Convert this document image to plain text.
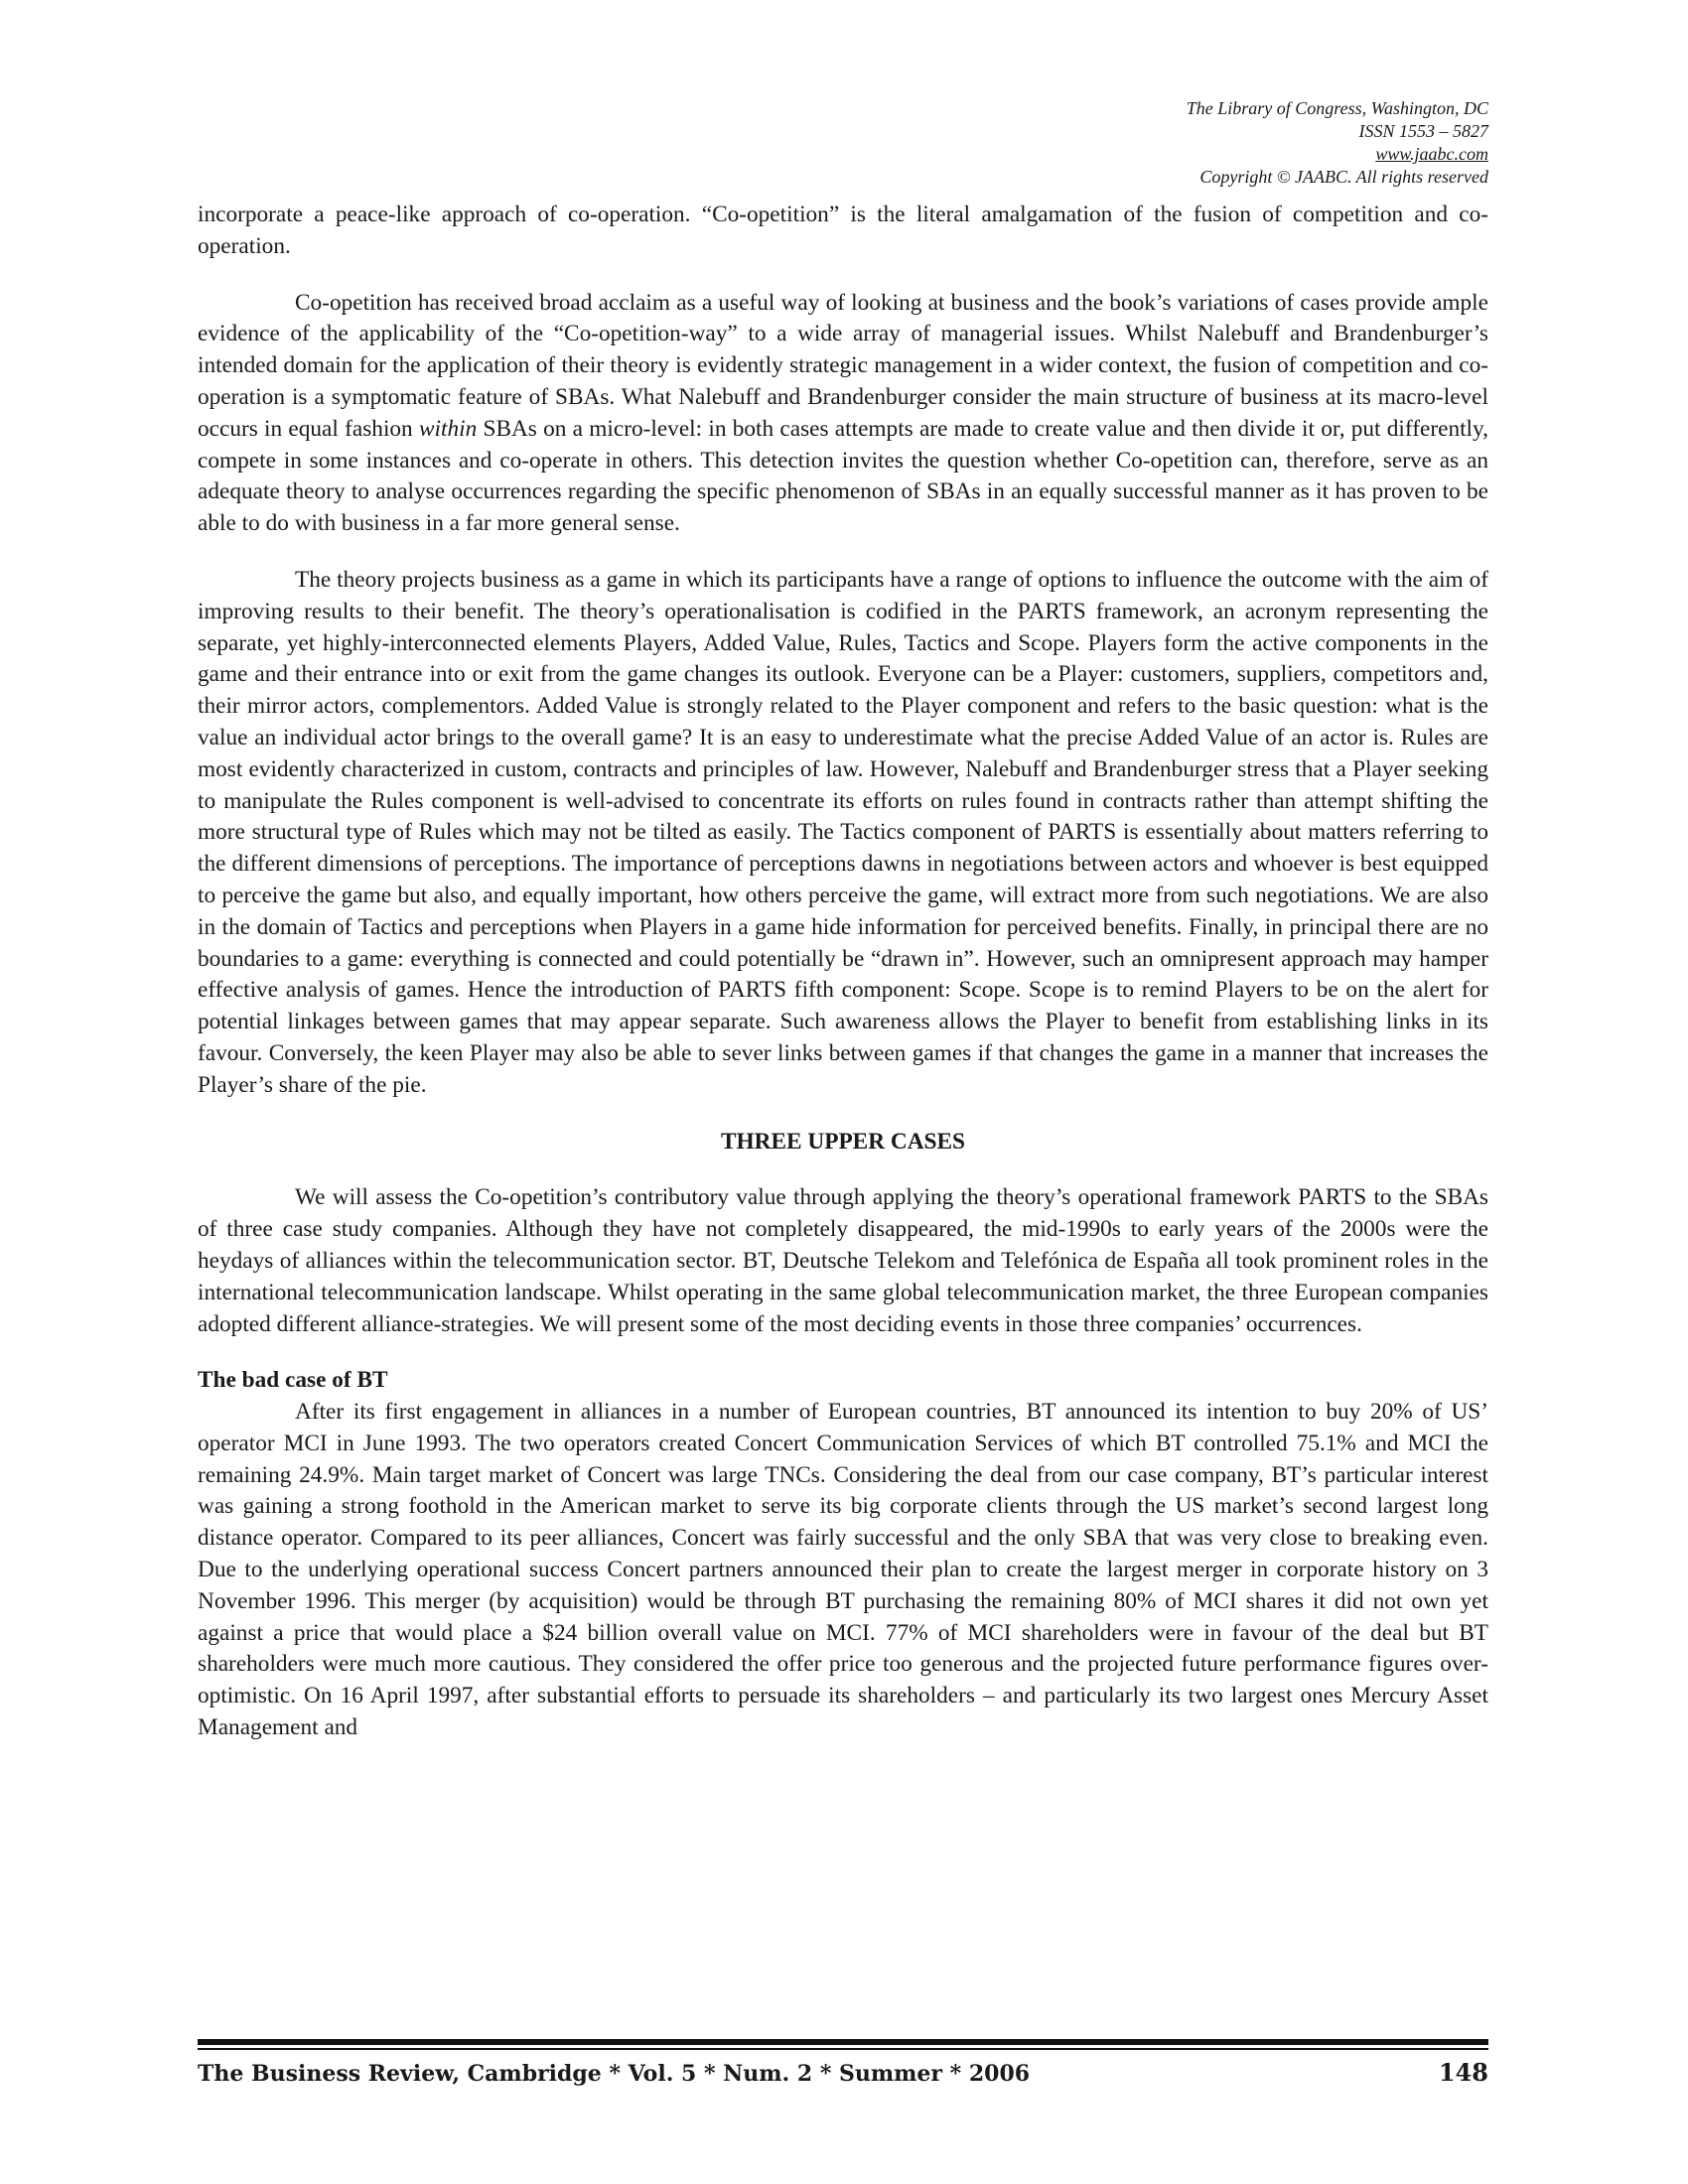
The Library of Congress, Washington, DC
ISSN 1553 – 5827
www.jaabc.com
Copyright © JAABC. All rights reserved

incorporate a peace-like approach of co-operation. “Co-opetition” is the literal amalgamation of the fusion of competition and co-operation.

Co-opetition has received broad acclaim as a useful way of looking at business and the book’s variations of cases provide ample evidence of the applicability of the “Co-opetition-way” to a wide array of managerial issues. Whilst Nalebuff and Brandenburger’s intended domain for the application of their theory is evidently strategic management in a wider context, the fusion of competition and co-operation is a symptomatic feature of SBAs. What Nalebuff and Brandenburger consider the main structure of business at its macro-level occurs in equal fashion within SBAs on a micro-level: in both cases attempts are made to create value and then divide it or, put differently, compete in some instances and co-operate in others. This detection invites the question whether Co-opetition can, therefore, serve as an adequate theory to analyse occurrences regarding the specific phenomenon of SBAs in an equally successful manner as it has proven to be able to do with business in a far more general sense.

The theory projects business as a game in which its participants have a range of options to influence the outcome with the aim of improving results to their benefit. The theory’s operationalisation is codified in the PARTS framework, an acronym representing the separate, yet highly-interconnected elements Players, Added Value, Rules, Tactics and Scope. Players form the active components in the game and their entrance into or exit from the game changes its outlook. Everyone can be a Player: customers, suppliers, competitors and, their mirror actors, complementors. Added Value is strongly related to the Player component and refers to the basic question: what is the value an individual actor brings to the overall game? It is an easy to underestimate what the precise Added Value of an actor is. Rules are most evidently characterized in custom, contracts and principles of law. However, Nalebuff and Brandenburger stress that a Player seeking to manipulate the Rules component is well-advised to concentrate its efforts on rules found in contracts rather than attempt shifting the more structural type of Rules which may not be tilted as easily. The Tactics component of PARTS is essentially about matters referring to the different dimensions of perceptions. The importance of perceptions dawns in negotiations between actors and whoever is best equipped to perceive the game but also, and equally important, how others perceive the game, will extract more from such negotiations. We are also in the domain of Tactics and perceptions when Players in a game hide information for perceived benefits. Finally, in principal there are no boundaries to a game: everything is connected and could potentially be “drawn in”. However, such an omnipresent approach may hamper effective analysis of games. Hence the introduction of PARTS fifth component: Scope. Scope is to remind Players to be on the alert for potential linkages between games that may appear separate. Such awareness allows the Player to benefit from establishing links in its favour. Conversely, the keen Player may also be able to sever links between games if that changes the game in a manner that increases the Player’s share of the pie.

THREE UPPER CASES

We will assess the Co-opetition’s contributory value through applying the theory’s operational framework PARTS to the SBAs of three case study companies. Although they have not completely disappeared, the mid-1990s to early years of the 2000s were the heydays of alliances within the telecommunication sector. BT, Deutsche Telekom and Telefónica de España all took prominent roles in the international telecommunication landscape. Whilst operating in the same global telecommunication market, the three European companies adopted different alliance-strategies. We will present some of the most deciding events in those three companies’ occurrences.

The bad case of BT

After its first engagement in alliances in a number of European countries, BT announced its intention to buy 20% of US’ operator MCI in June 1993. The two operators created Concert Communication Services of which BT controlled 75.1% and MCI the remaining 24.9%. Main target market of Concert was large TNCs. Considering the deal from our case company, BT’s particular interest was gaining a strong foothold in the American market to serve its big corporate clients through the US market’s second largest long distance operator. Compared to its peer alliances, Concert was fairly successful and the only SBA that was very close to breaking even. Due to the underlying operational success Concert partners announced their plan to create the largest merger in corporate history on 3 November 1996. This merger (by acquisition) would be through BT purchasing the remaining 80% of MCI shares it did not own yet against a price that would place a $24 billion overall value on MCI. 77% of MCI shareholders were in favour of the deal but BT shareholders were much more cautious. They considered the offer price too generous and the projected future performance figures over-optimistic. On 16 April 1997, after substantial efforts to persuade its shareholders – and particularly its two largest ones Mercury Asset Management and

The Business Review, Cambridge * Vol. 5 * Num. 2 * Summer * 2006	148
